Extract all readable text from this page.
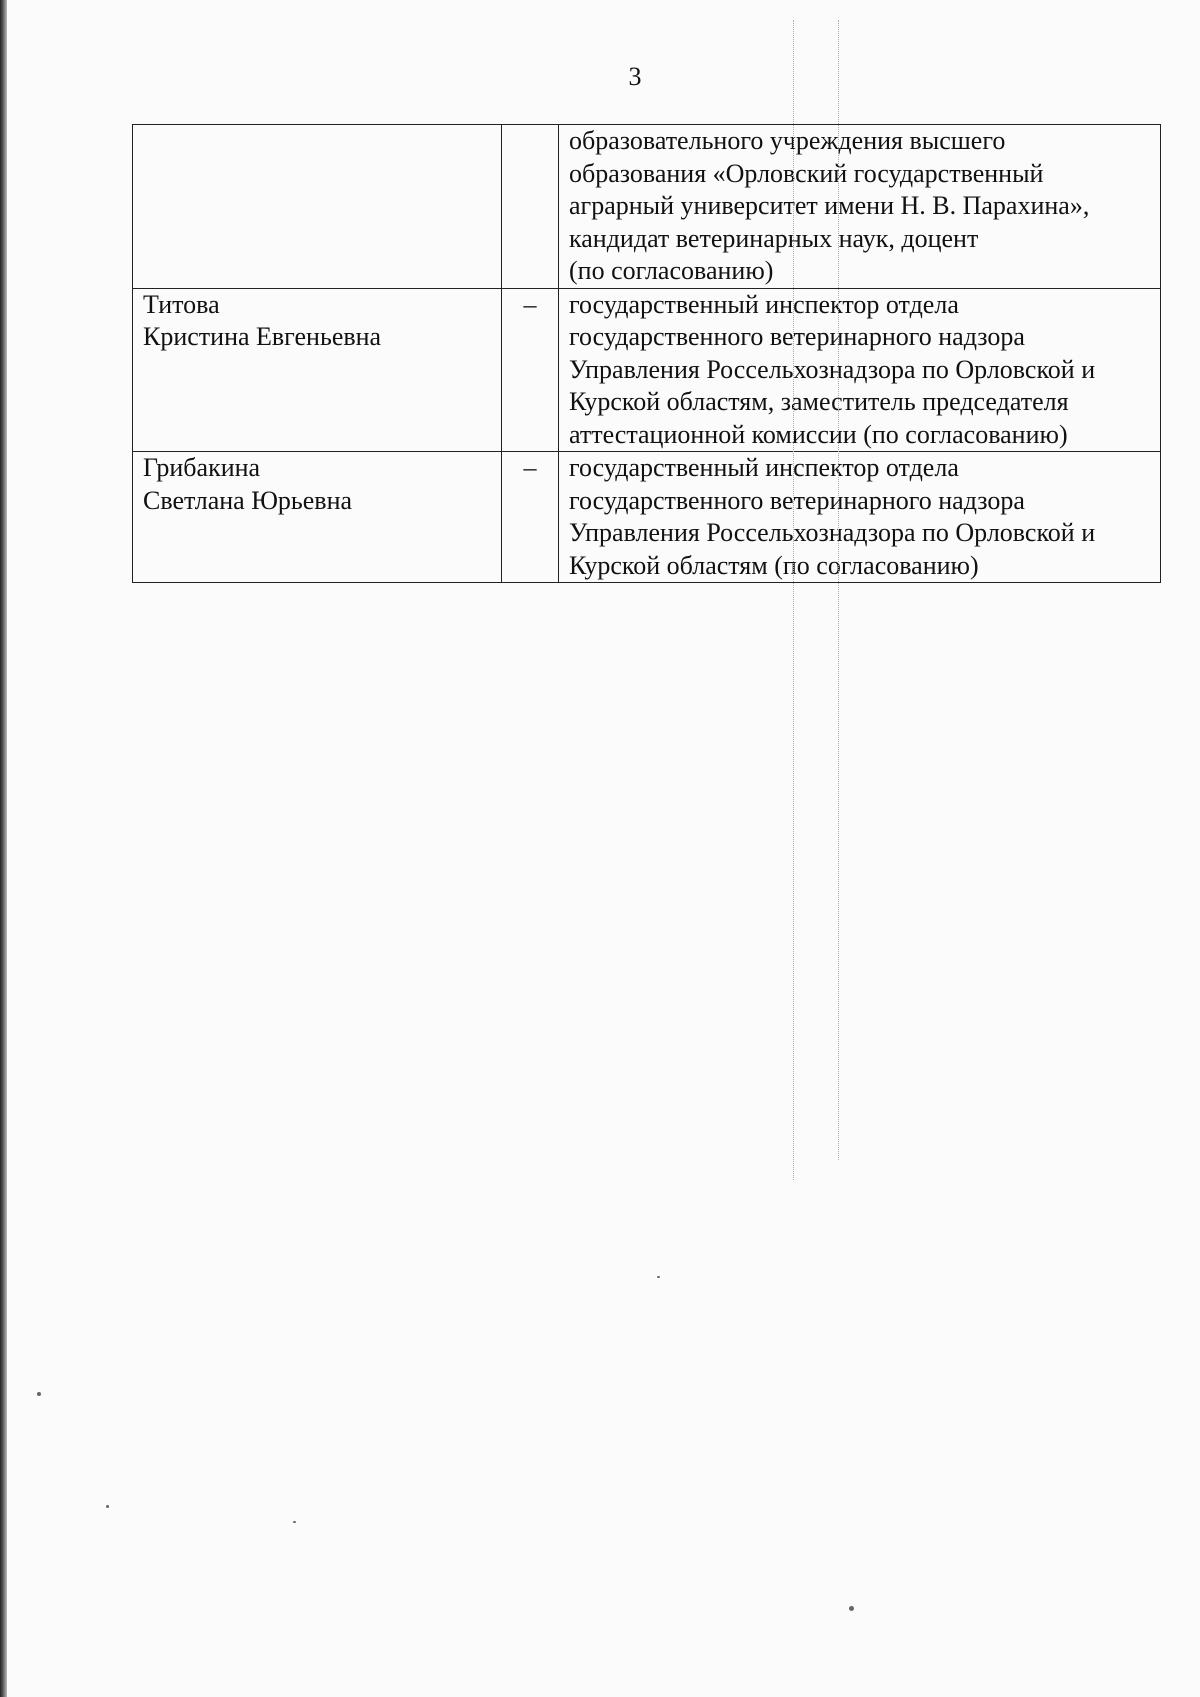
3

		образовательного учреждения высшего
образования «Орловский государственный
аграрный университет имени Н. В. Парахина»,
кандидат ветеринарных наук, доцент
(по согласованию)

Титова
Кристина Евгеньевна	–	государственный инспектор отдела
государственного ветеринарного надзора
Управления Россельхознадзора по Орловской и
Курской областям, заместитель председателя
аттестационной комиссии (по согласованию)

Грибакина
Светлана Юрьевна	–	государственный инспектор отдела
государственного ветеринарного надзора
Управления Россельхознадзора по Орловской и
Курской областям (по согласованию)
